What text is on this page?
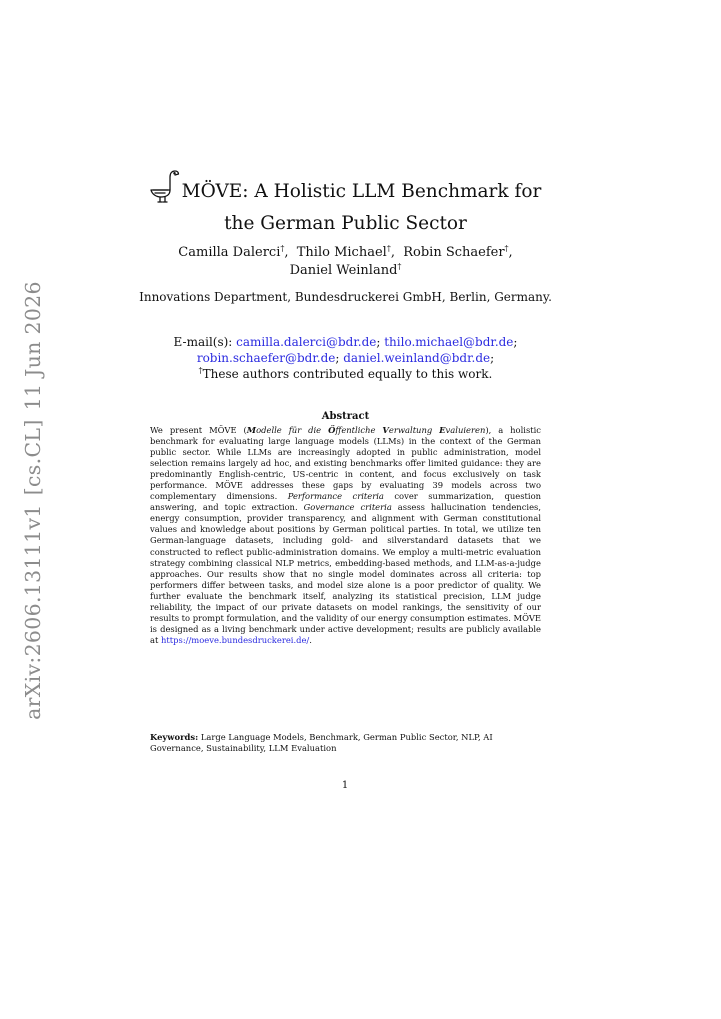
arXiv:2606.13111v1[cs.CL]11 Jun 2026
MÖVE: A Holistic LLM Benchmark for the German Public Sector
Camilla Dalerci†,  Thilo Michael†,  Robin Schaefer†,
Daniel Weinland†
Innovations Department, Bundesdruckerei GmbH, Berlin, Germany.
E-mail(s): camilla.dalerci@bdr.de; thilo.michael@bdr.de;
robin.schaefer@bdr.de; daniel.weinland@bdr.de;
†These authors contributed equally to this work.
Abstract
We present MÖVE (Modelle für die Öffentliche Verwaltung Evaluieren), a holistic benchmark for evaluating large language models (LLMs) in the context of the German public sector. While LLMs are increasingly adopted in public administration, model selection remains largely ad hoc, and existing benchmarks offer limited guidance: they are predominantly English-centric, US-centric in content, and focus exclusively on task performance. MÖVE addresses these gaps by evaluating 39 models across two complementary dimensions. Performance criteria cover summarization, question answering, and topic extraction. Governance criteria assess hallucination tendencies, energy consumption, provider transparency, and alignment with German constitutional values and knowledge about positions by German political parties. In total, we utilize ten German-language datasets, including gold- and silverstandard datasets that we constructed to reflect public-administration domains. We employ a multi-metric evaluation strategy combining classical NLP metrics, embedding-based methods, and LLM-as-a-judge approaches. Our results show that no single model dominates across all criteria: top performers differ between tasks, and model size alone is a poor predictor of quality. We further evaluate the benchmark itself, analyzing its statistical precision, LLM judge reliability, the impact of our private datasets on model rankings, the sensitivity of our results to prompt formulation, and the validity of our energy consumption estimates. MÖVE is designed as a living benchmark under active development; results are publicly available at https://moeve.bundesdruckerei.de/.
Keywords: Large Language Models, Benchmark, German Public Sector, NLP, AI Governance, Sustainability, LLM Evaluation
1
